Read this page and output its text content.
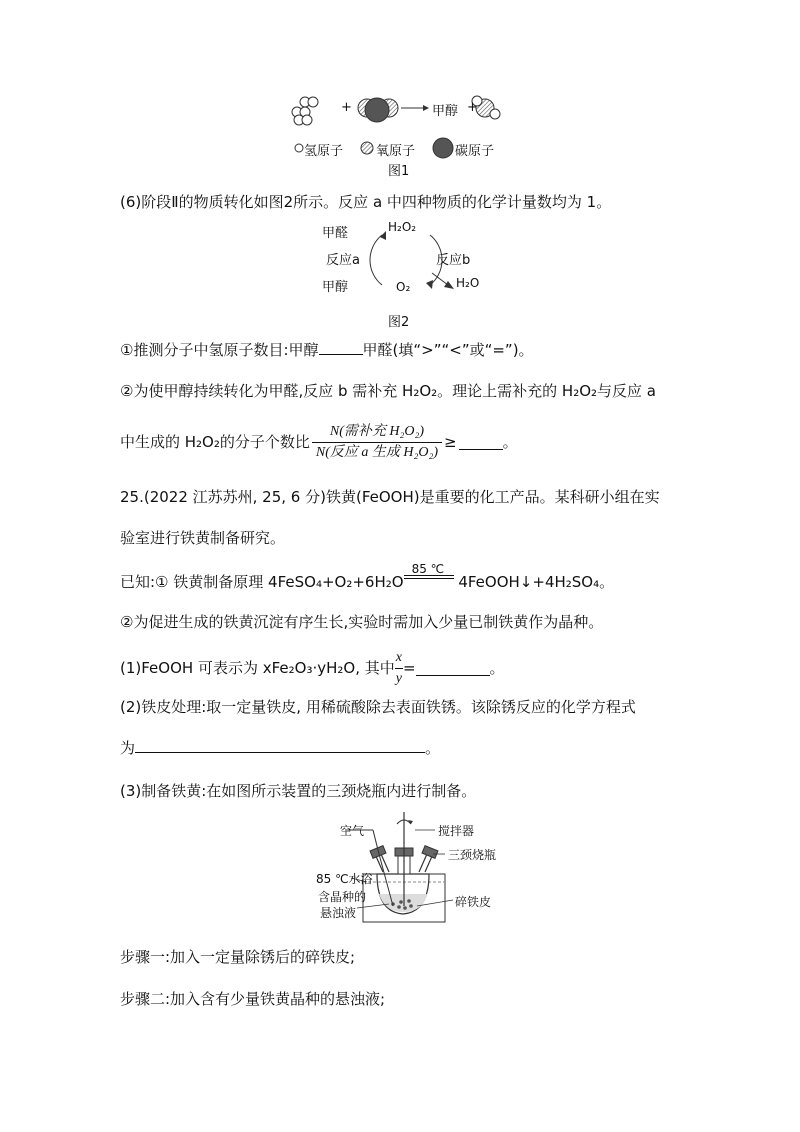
+	甲醇 +
氢原子	氧原子	碳原子
图1
(6)阶段Ⅱ的物质转化如图2所示。反应 a 中四种物质的化学计量数均为 1。
甲醛	H₂O₂
反应a	反应b
甲醇	O₂	H₂O
图2
①推测分子中氢原子数目:甲醇	甲醛(填“>”“<”或“=”)。
②为使甲醇持续转化为甲醛,反应 b 需补充 H₂O₂。理论上需补充的 H₂O₂与反应 a
中生成的 H₂O₂的分子个数比 $\frac{\text{N(需补充 H₂O₂)}}{\text{N(反应 a 生成 H₂O₂)}}$ ≥	。
25.(2022 江苏苏州, 25, 6 分)铁黄(FeOOH)是重要的化工产品。某科研小组在实
验室进行铁黄制备研究。
已知:① 铁黄制备原理 4FeSO₄+O₂+6H₂O
85 ℃
4FeOOH↓+4H₂SO₄。
②为促进生成的铁黄沉淀有序生长,实验时需加入少量已制铁黄作为晶种。
(1)FeOOH 可表示为 xFe₂O₃·yH₂O, 其中 $\frac{x}{y}$ =	。
(2)铁皮处理:取一定量铁皮, 用稀硫酸除去表面铁锈。该除锈反应的化学方程式
为	。
(3)制备铁黄:在如图所示装置的三颈烧瓶内进行制备。
空气	搅拌器
三颈烧瓶
85 ℃水浴
含晶种的
悬浊液
碎铁皮
步骤一:加入一定量除锈后的碎铁皮;
步骤二:加入含有少量铁黄晶种的悬浊液;
